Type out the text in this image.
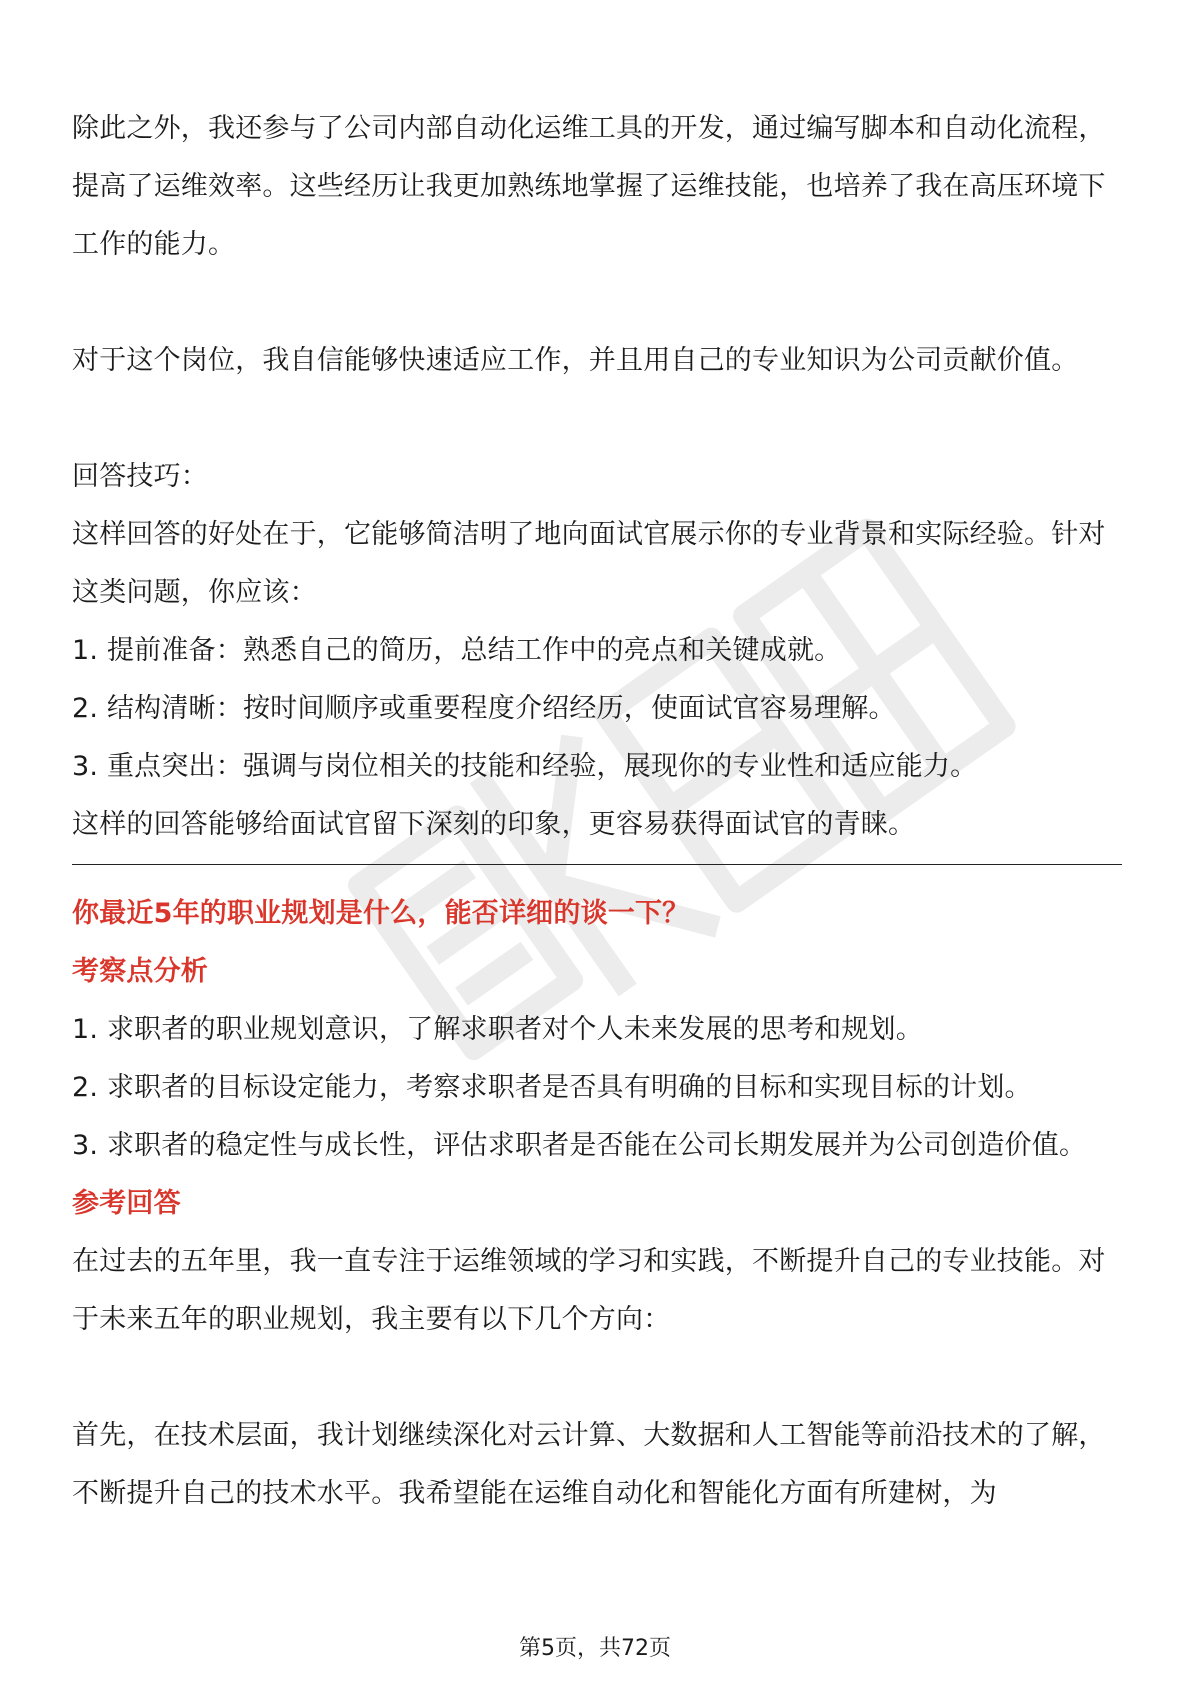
除此之外，我还参与了公司内部自动化运维工具的开发，通过编写脚本和自动化流程，提高了运维效率。这些经历让我更加熟练地掌握了运维技能，也培养了我在高压环境下工作的能力。

对于这个岗位，我自信能够快速适应工作，并且用自己的专业知识为公司贡献价值。

回答技巧：

这样回答的好处在于，它能够简洁明了地向面试官展示你的专业背景和实际经验。针对这类问题，你应该：

1. 提前准备：熟悉自己的简历，总结工作中的亮点和关键成就。

2. 结构清晰：按时间顺序或重要程度介绍经历，使面试官容易理解。

3. 重点突出：强调与岗位相关的技能和经验，展现你的专业性和适应能力。

这样的回答能够给面试官留下深刻的印象，更容易获得面试官的青睐。

你最近5年的职业规划是什么，能否详细的谈一下？

考察点分析

1. 求职者的职业规划意识，了解求职者对个人未来发展的思考和规划。

2. 求职者的目标设定能力，考察求职者是否具有明确的目标和实现目标的计划。

3. 求职者的稳定性与成长性，评估求职者是否能在公司长期发展并为公司创造价值。

参考回答

在过去的五年里，我一直专注于运维领域的学习和实践，不断提升自己的专业技能。对于未来五年的职业规划，我主要有以下几个方向：

首先，在技术层面，我计划继续深化对云计算、大数据和人工智能等前沿技术的了解，不断提升自己的技术水平。我希望能在运维自动化和智能化方面有所建树，为

第5页，共72页
